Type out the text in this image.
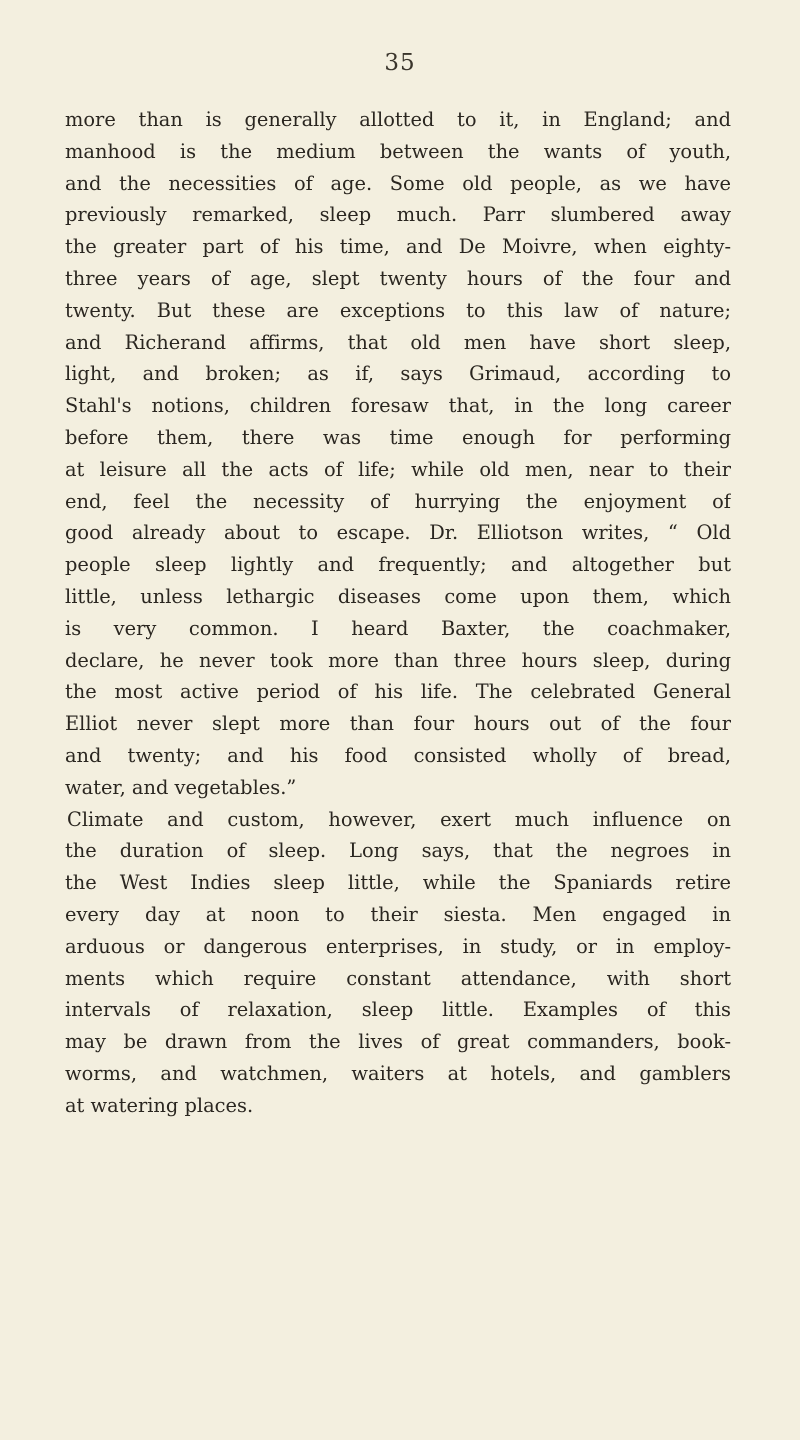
35
more than is generally allotted to it, in England; and
manhood is the medium between the wants of youth,
and the necessities of age. Some old people, as we have
previously remarked, sleep much. Parr slumbered away
the greater part of his time, and De Moivre, when eighty-
three years of age, slept twenty hours of the four and
twenty. But these are exceptions to this law of nature;
and Richerand affirms, that old men have short sleep,
light, and broken; as if, says Grimaud, according to
Stahl's notions, children foresaw that, in the long career
before them, there was time enough for performing
at leisure all the acts of life; while old men, near to their
end, feel the necessity of hurrying the enjoyment of
good already about to escape. Dr. Elliotson writes, “ Old
people sleep lightly and frequently; and altogether but
little, unless lethargic diseases come upon them, which
is very common. I heard Baxter, the coachmaker,
declare, he never took more than three hours sleep, during
the most active period of his life. The celebrated General
Elliot never slept more than four hours out of the four
and twenty; and his food consisted wholly of bread,
water, and vegetables.”
Climate and custom, however, exert much influence on
the duration of sleep. Long says, that the negroes in
the West Indies sleep little, while the Spaniards retire
every day at noon to their siesta. Men engaged in
arduous or dangerous enterprises, in study, or in employ-
ments which require constant attendance, with short
intervals of relaxation, sleep little. Examples of this
may be drawn from the lives of great commanders, book-
worms, and watchmen, waiters at hotels, and gamblers
at watering places.
